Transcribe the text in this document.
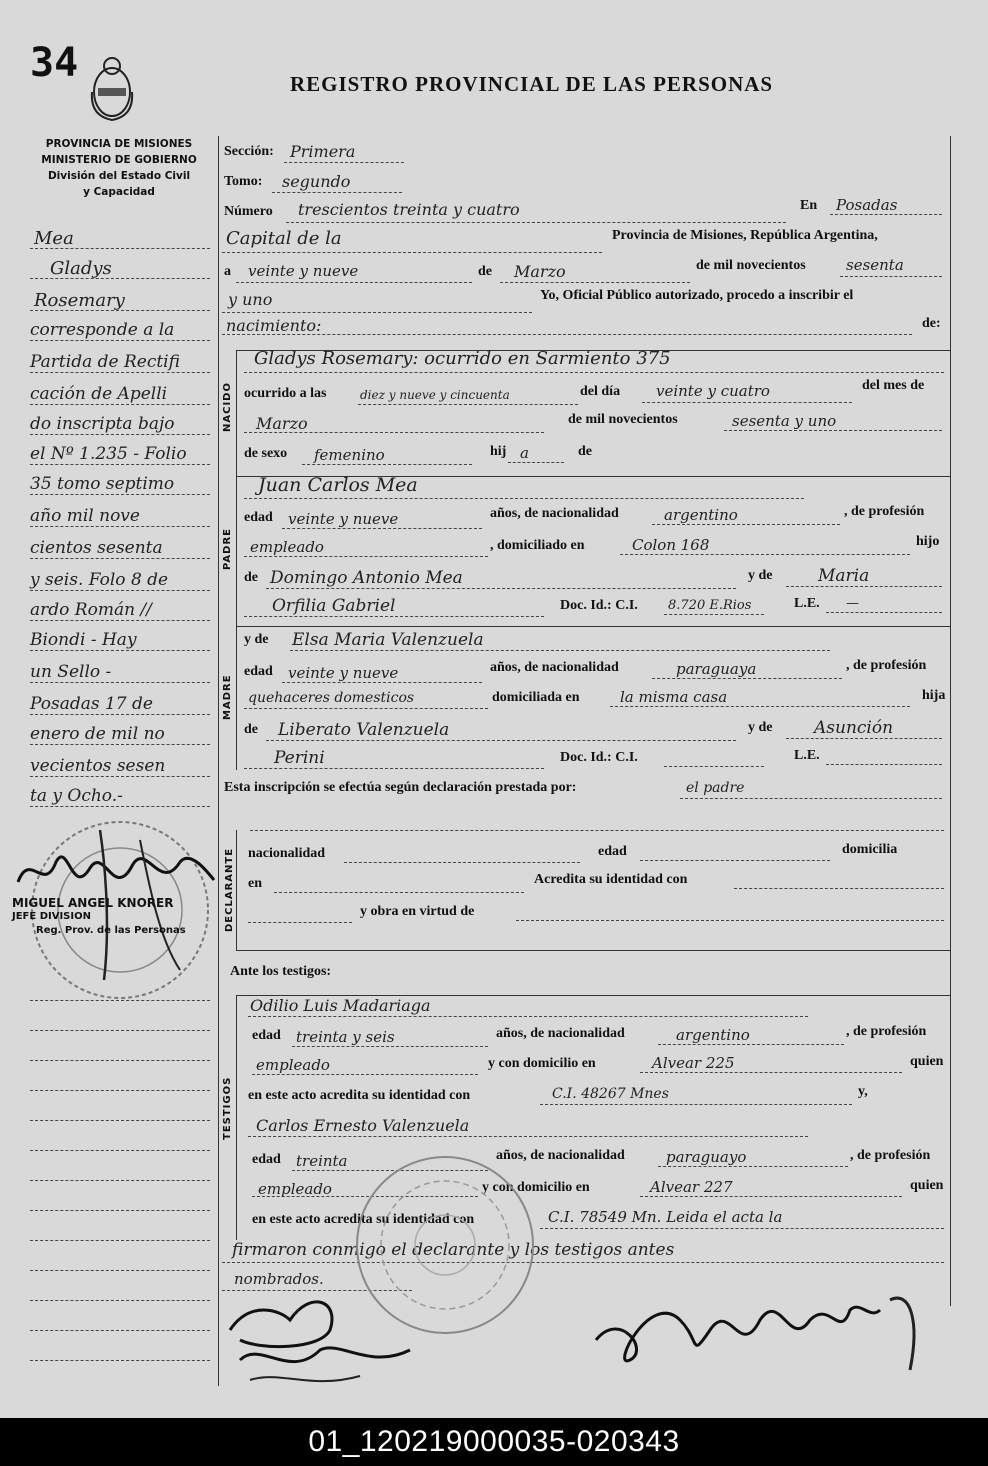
34	REGISTRO PROVINCIAL DE LAS PERSONAS
PROVINCIA DE MISIONES
MINISTERIO DE GOBIERNO
División del Estado Civil
y Capacidad
Mea
Gladys
Rosemary
corresponde a la
Partida de Rectifi
cación de Apelli
do inscripta bajo
el Nº 1.235 - Folio
35 tomo septimo
año mil nove
cientos sesenta
y seis. Folo 8 de
ardo Román //
Biondi - Hay
un Sello -
Posadas 17 de
enero de mil no
vecientos sesen
ta y Ocho.-
MIGUEL ANGEL KNORER
JEFE DIVISION
Reg. Prov. de las Personas
Sección: Primera
Tomo: segundo
Número trescientos treinta y cuatro	En Posadas
Capital de la	Provincia de Misiones, República Argentina,
a veinte y nueve	de Marzo	de mil novecientos	sesenta
y uno	Yo, Oficial Público autorizado, procedo a inscribir el
nacimiento:	de:
NACIDO
Gladys Rosemary: ocurrido en Sarmiento 375
ocurrido a las	diez y nueve y cincuenta	del día veinte y cuatro	del mes de
Marzo	de mil novecientos	sesenta y uno
de sexo femenino	hij a	de
PADRE
Juan Carlos Mea
edad veinte y nueve	años, de nacionalidad	argentino	, de profesión
empleado	, domiciliado en	Colon 168	hijo
de Domingo Antonio Mea	y de	Maria
Orfilia Gabriel	Doc. Id.: C.I. 8.720 E.Rios	L.E. —
MADRE
y de Elsa Maria Valenzuela
edad veinte y nueve	años, de nacionalidad	paraguaya	, de profesión
quehaceres domesticos	domiciliada en	la misma casa	hija
de Liberato Valenzuela	y de Asunción
Perini	Doc. Id.: C.I.	L.E.
Esta inscripción se efectúa según declaración prestada por:	el padre
DECLARANTE nacionalidad	edad	domicilia
en	Acredita su identidad con
y obra en virtud de
Ante los testigos:
TESTIGOS
Odilio Luis Madariaga
edad treinta y seis	años, de nacionalidad	argentino	, de profesión
empleado	y con domicilio en	Alvear 225	quien
en este acto acredita su identidad con	C.I. 48267 Mnes	y,
Carlos Ernesto Valenzuela
edad treinta	años, de nacionalidad	paraguayo	, de profesión
empleado	y con domicilio en	Alvear 227	quien
en este acto acredita su identidad con	C.I. 78549 Mn. Leida el acta la
firmaron conmigo el declarante y los testigos antes
nombrados.
01_120219000035-020343
